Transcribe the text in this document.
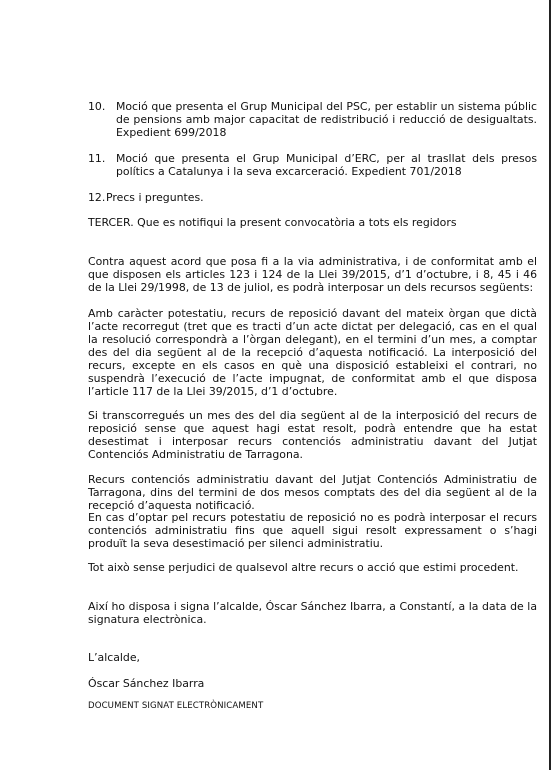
10. Moció que presenta el Grup Municipal del PSC, per establir un sistema públic de pensions amb major capacitat de redistribució i reducció de desigualtats. Expedient 699/2018
11. Moció que presenta el Grup Municipal d’ERC, per al trasllat dels presos polítics a Catalunya i la seva excarceració. Expedient 701/2018
12. Precs i preguntes.
TERCER. Que es notifiqui la present convocatòria a tots els regidors
Contra aquest acord que posa fi a la via administrativa, i de conformitat amb el que disposen els articles 123 i 124 de la Llei 39/2015, d’1 d’octubre, i 8, 45 i 46 de la Llei 29/1998, de 13 de juliol, es podrà interposar un dels recursos següents:
Amb caràcter potestatiu, recurs de reposició davant del mateix òrgan que dictà l’acte recorregut (tret que es tracti d’un acte dictat per delegació, cas en el qual la resolució correspondrà a l’òrgan delegant), en el termini d’un mes, a comptar des del dia següent al de la recepció d’aquesta notificació. La interposició del recurs, excepte en els casos en què una disposició estableixi el contrari, no suspendrà l’execució de l’acte impugnat, de conformitat amb el que disposa l’article 117 de la Llei 39/2015, d’1 d’octubre.
Si transcorregués un mes des del dia següent al de la interposició del recurs de reposició sense que aquest hagi estat resolt, podrà entendre que ha estat desestimat i interposar recurs contenciós administratiu davant del Jutjat Contenciós Administratiu de Tarragona.
Recurs contenciós administratiu davant del Jutjat Contenciós Administratiu de Tarragona, dins del termini de dos mesos comptats des del dia següent al de la recepció d’aquesta notificació.
En cas d’optar pel recurs potestatiu de reposició no es podrà interposar el recurs contenciós administratiu fins que aquell sigui resolt expressament o s’hagi produït la seva desestimació per silenci administratiu.
Tot això sense perjudici de qualsevol altre recurs o acció que estimi procedent.
Així ho disposa i signa l’alcalde, Óscar Sánchez Ibarra, a Constantí, a la data de la signatura electrònica.
L’alcalde,
Óscar Sánchez Ibarra
DOCUMENT SIGNAT ELECTRÒNICAMENT
